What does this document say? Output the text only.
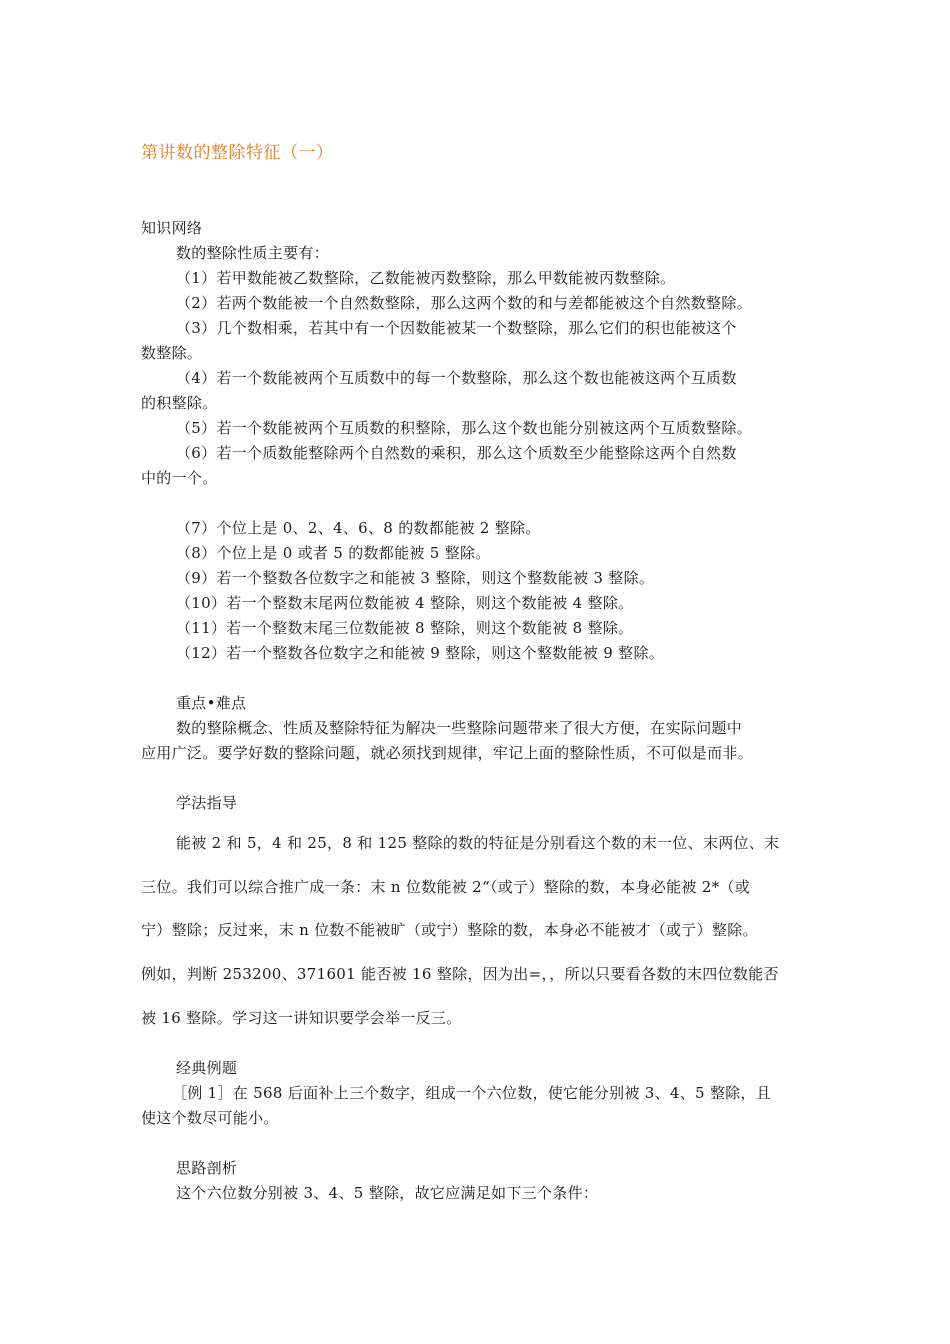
第讲数的整除特征（一）
知识网络
数的整除性质主要有：
（1）若甲数能被乙数整除，乙数能被丙数整除，那么甲数能被丙数整除。
（2）若两个数能被一个自然数整除，那么这两个数的和与差都能被这个自然数整除。
（3）几个数相乘，若其中有一个因数能被某一个数整除，那么它们的积也能被这个
数整除。
（4）若一个数能被两个互质数中的每一个数整除，那么这个数也能被这两个互质数
的积整除。
（5）若一个数能被两个互质数的积整除，那么这个数也能分别被这两个互质数整除。
（6）若一个质数能整除两个自然数的乘积，那么这个质数至少能整除这两个自然数
中的一个。
（7）个位上是 0、2、4、6、8 的数都能被 2 整除。
（8）个位上是 0 或者 5 的数都能被 5 整除。
（9）若一个整数各位数字之和能被 3 整除，则这个整数能被 3 整除。
（10）若一个整数末尾两位数能被 4 整除，则这个数能被 4 整除。
（11）若一个整数末尾三位数能被 8 整除，则这个数能被 8 整除。
（12）若一个整数各位数字之和能被 9 整除，则这个整数能被 9 整除。
重点•难点
数的整除概念、性质及整除特征为解决一些整除问题带来了很大方便，在实际问题中
应用广泛。要学好数的整除问题，就必须找到规律，牢记上面的整除性质，不可似是而非。
学法指导
能被 2 和 5，4 和 25，8 和 125 整除的数的特征是分别看这个数的末一位、末两位、末
三位。我们可以综合推广成一条：末 n 位数能被 2“（或亍）整除的数，本身必能被 2*（或
宁）整除；反过来，末 n 位数不能被旷（或宁）整除的数，本身必不能被才（或亍）整除。
例如，判断 253200、371601 能否被 16 整除，因为出=，，所以只要看各数的末四位数能否
被 16 整除。学习这一讲知识要学会举一反三。
经典例题
［例 1］在 568 后面补上三个数字，组成一个六位数，使它能分别被 3、4、5 整除，且
使这个数尽可能小。
思路剖析
这个六位数分别被 3、4、5 整除，故它应满足如下三个条件：
